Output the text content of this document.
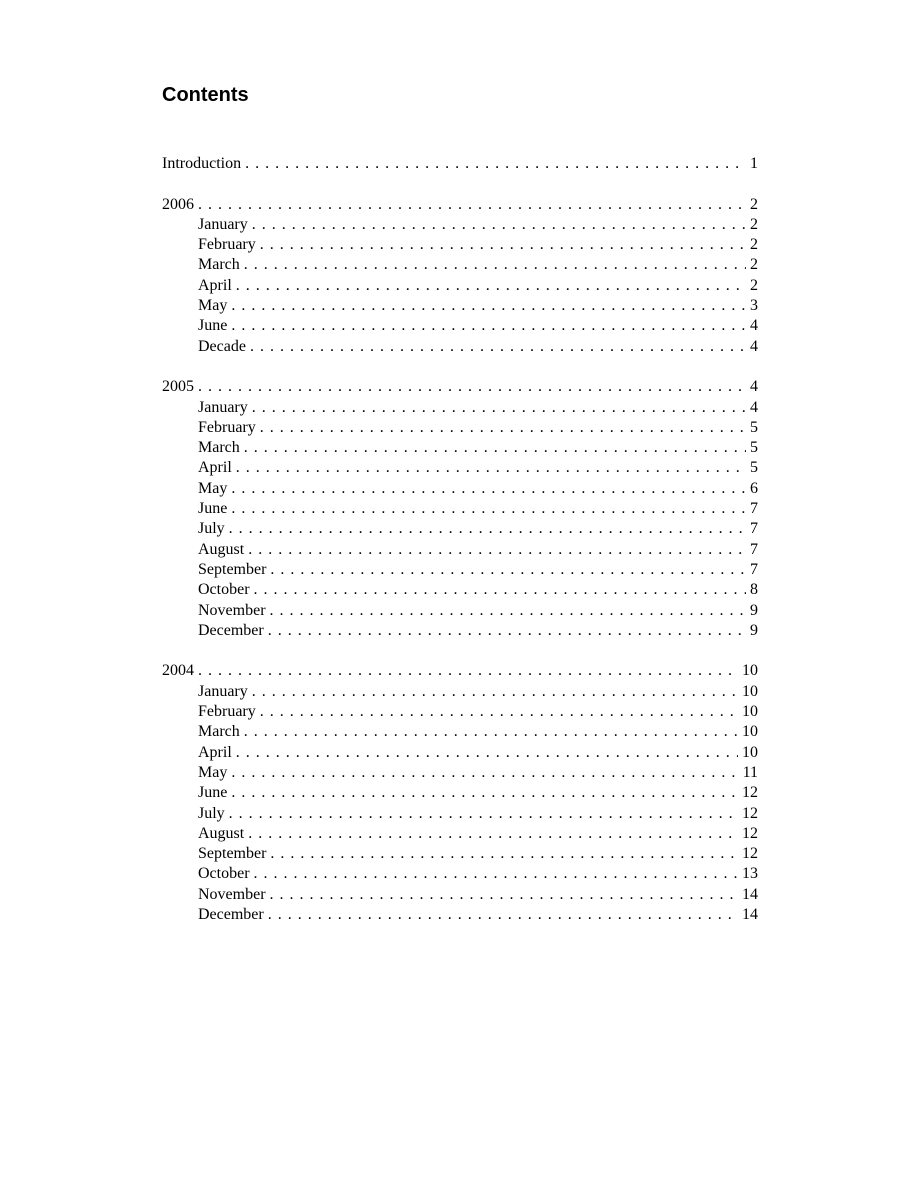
Contents
Introduction . . .	1
2006 . . .	2
January . . .	2
February . . .	2
March . . .	2
April . . .	2
May . . .	3
June . . .	4
Decade . . .	4
2005 . . .	4
January . . .	4
February . . .	5
March . . .	5
April . . .	5
May . . .	6
June . . .	7
July . . .	7
August . . .	7
September . . .	7
October . . .	8
November . . .	9
December . . .	9
2004 . . .	10
January . . .	10
February . . .	10
March . . .	10
April . . .	10
May . . .	11
June . . .	12
July . . .	12
August . . .	12
September . . .	12
October . . .	13
November . . .	14
December . . .	14
